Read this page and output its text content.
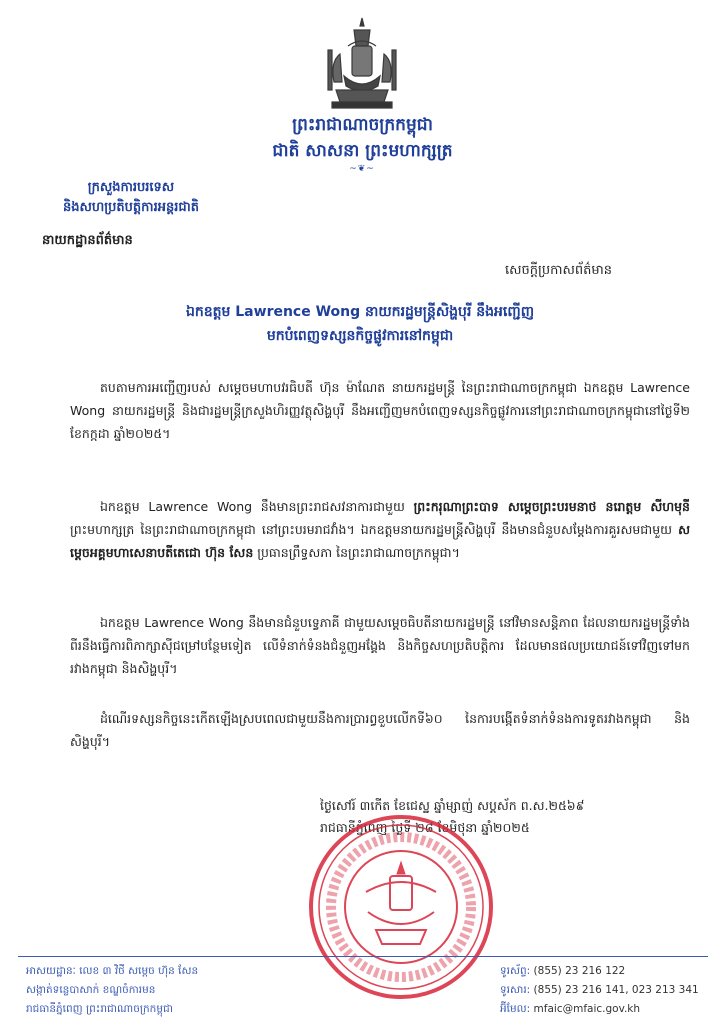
ព្រះរាជាណាចក្រកម្ពុជា
ជាតិ សាសនា ព្រះមហាក្សត្រ
~❦~
ក្រសួងការបរទេស
និងសហប្រតិបត្តិការអន្តរជាតិ
នាយកដ្ឋានព័ត៌មាន
សេចក្តីប្រកាសព័ត៌មាន
ឯកឧត្តម Lawrence Wong នាយករដ្ឋមន្ត្រីសិង្ហបុរី នឹងអញ្ជើញ
មកបំពេញទស្សនកិច្ចផ្លូវការនៅកម្ពុជា
តបតាមការអញ្ជើញរបស់ សម្តេចមហាបវរធិបតី ហ៊ុន ម៉ាណែត នាយករដ្ឋមន្ត្រី នៃព្រះរាជាណាចក្រកម្ពុជា ឯកឧត្តម Lawrence Wong នាយករដ្ឋមន្ត្រី និងជារដ្ឋមន្ត្រីក្រសួងហិរញ្ញវត្ថុសិង្ហបុរី នឹងអញ្ជើញមកបំពេញទស្សនកិច្ចផ្លូវការនៅព្រះរាជាណាចក្រកម្ពុជានៅថ្ងៃទី២ ខែកក្កដា ឆ្នាំ២០២៥។
ឯកឧត្តម Lawrence Wong នឹងមានព្រះរាជសវនាការជាមួយ ព្រះករុណាព្រះបាទ សម្តេចព្រះបរមនាថ នរោត្តម សីហមុនី ព្រះមហាក្សត្រ នៃព្រះរាជាណាចក្រកម្ពុជា នៅព្រះបរមរាជវាំង។ ឯកឧត្តមនាយករដ្ឋមន្ត្រីសិង្ហបុរី នឹងមានជំនួបសម្តែងការគួរសមជាមួយ សម្តេចអគ្គមហាសេនាបតីតេជោ ហ៊ុន សែន ប្រធានព្រឹទ្ធសភា នៃព្រះរាជាណាចក្រកម្ពុជា។
ឯកឧត្តម Lawrence Wong នឹងមានជំនួបទ្វេភាគី ជាមួយសម្តេចធិបតីនាយករដ្ឋមន្ត្រី នៅវិមានសន្តិភាព ដែលនាយករដ្ឋមន្ត្រីទាំងពីរនឹងធ្វើការពិភាក្សាស៊ីជម្រៅបន្ថែមទៀត លើទំនាក់ទំនងជំនួញអង្គែង និងកិច្ចសហប្រតិបត្តិការ ដែលមានផលប្រយោជន៍ទៅវិញទៅមក រវាងកម្ពុជា និងសិង្ហបុរី។
ដំណើរទស្សនកិច្ចនេះកើតឡើងស្របពេលជាមួយនឹងការប្រារព្ធខួបលើកទី៦០ នៃការបង្កើតទំនាក់ទំនងការទូតរវាងកម្ពុជា និងសិង្ហបុរី។
ថ្ងៃសៅរ៍ ៣កើត ខែជេស្ឋ ឆ្នាំម្សាញ់ សប្តស័ក ព.ស.២៥៦៩
រាជធានីភ្នំពេញ ថ្ងៃទី ២៨ ខែមិថុនា ឆ្នាំ២០២៥
អាសយដ្ឋានៈ លេខ ៣ វិថី សម្តេច ហ៊ុន សែន
សង្កាត់ទន្លេបាសាក់ ខណ្ឌចំការមន
រាជធានីភ្នំពេញ ព្រះរាជាណាចក្រកម្ពុជា
ទូរស័ព្ទ: (855) 23 216 122
ទូរសារ: (855) 23 216 141, 023 213 341
អ៊ីមែល: mfaic@mfaic.gov.kh
